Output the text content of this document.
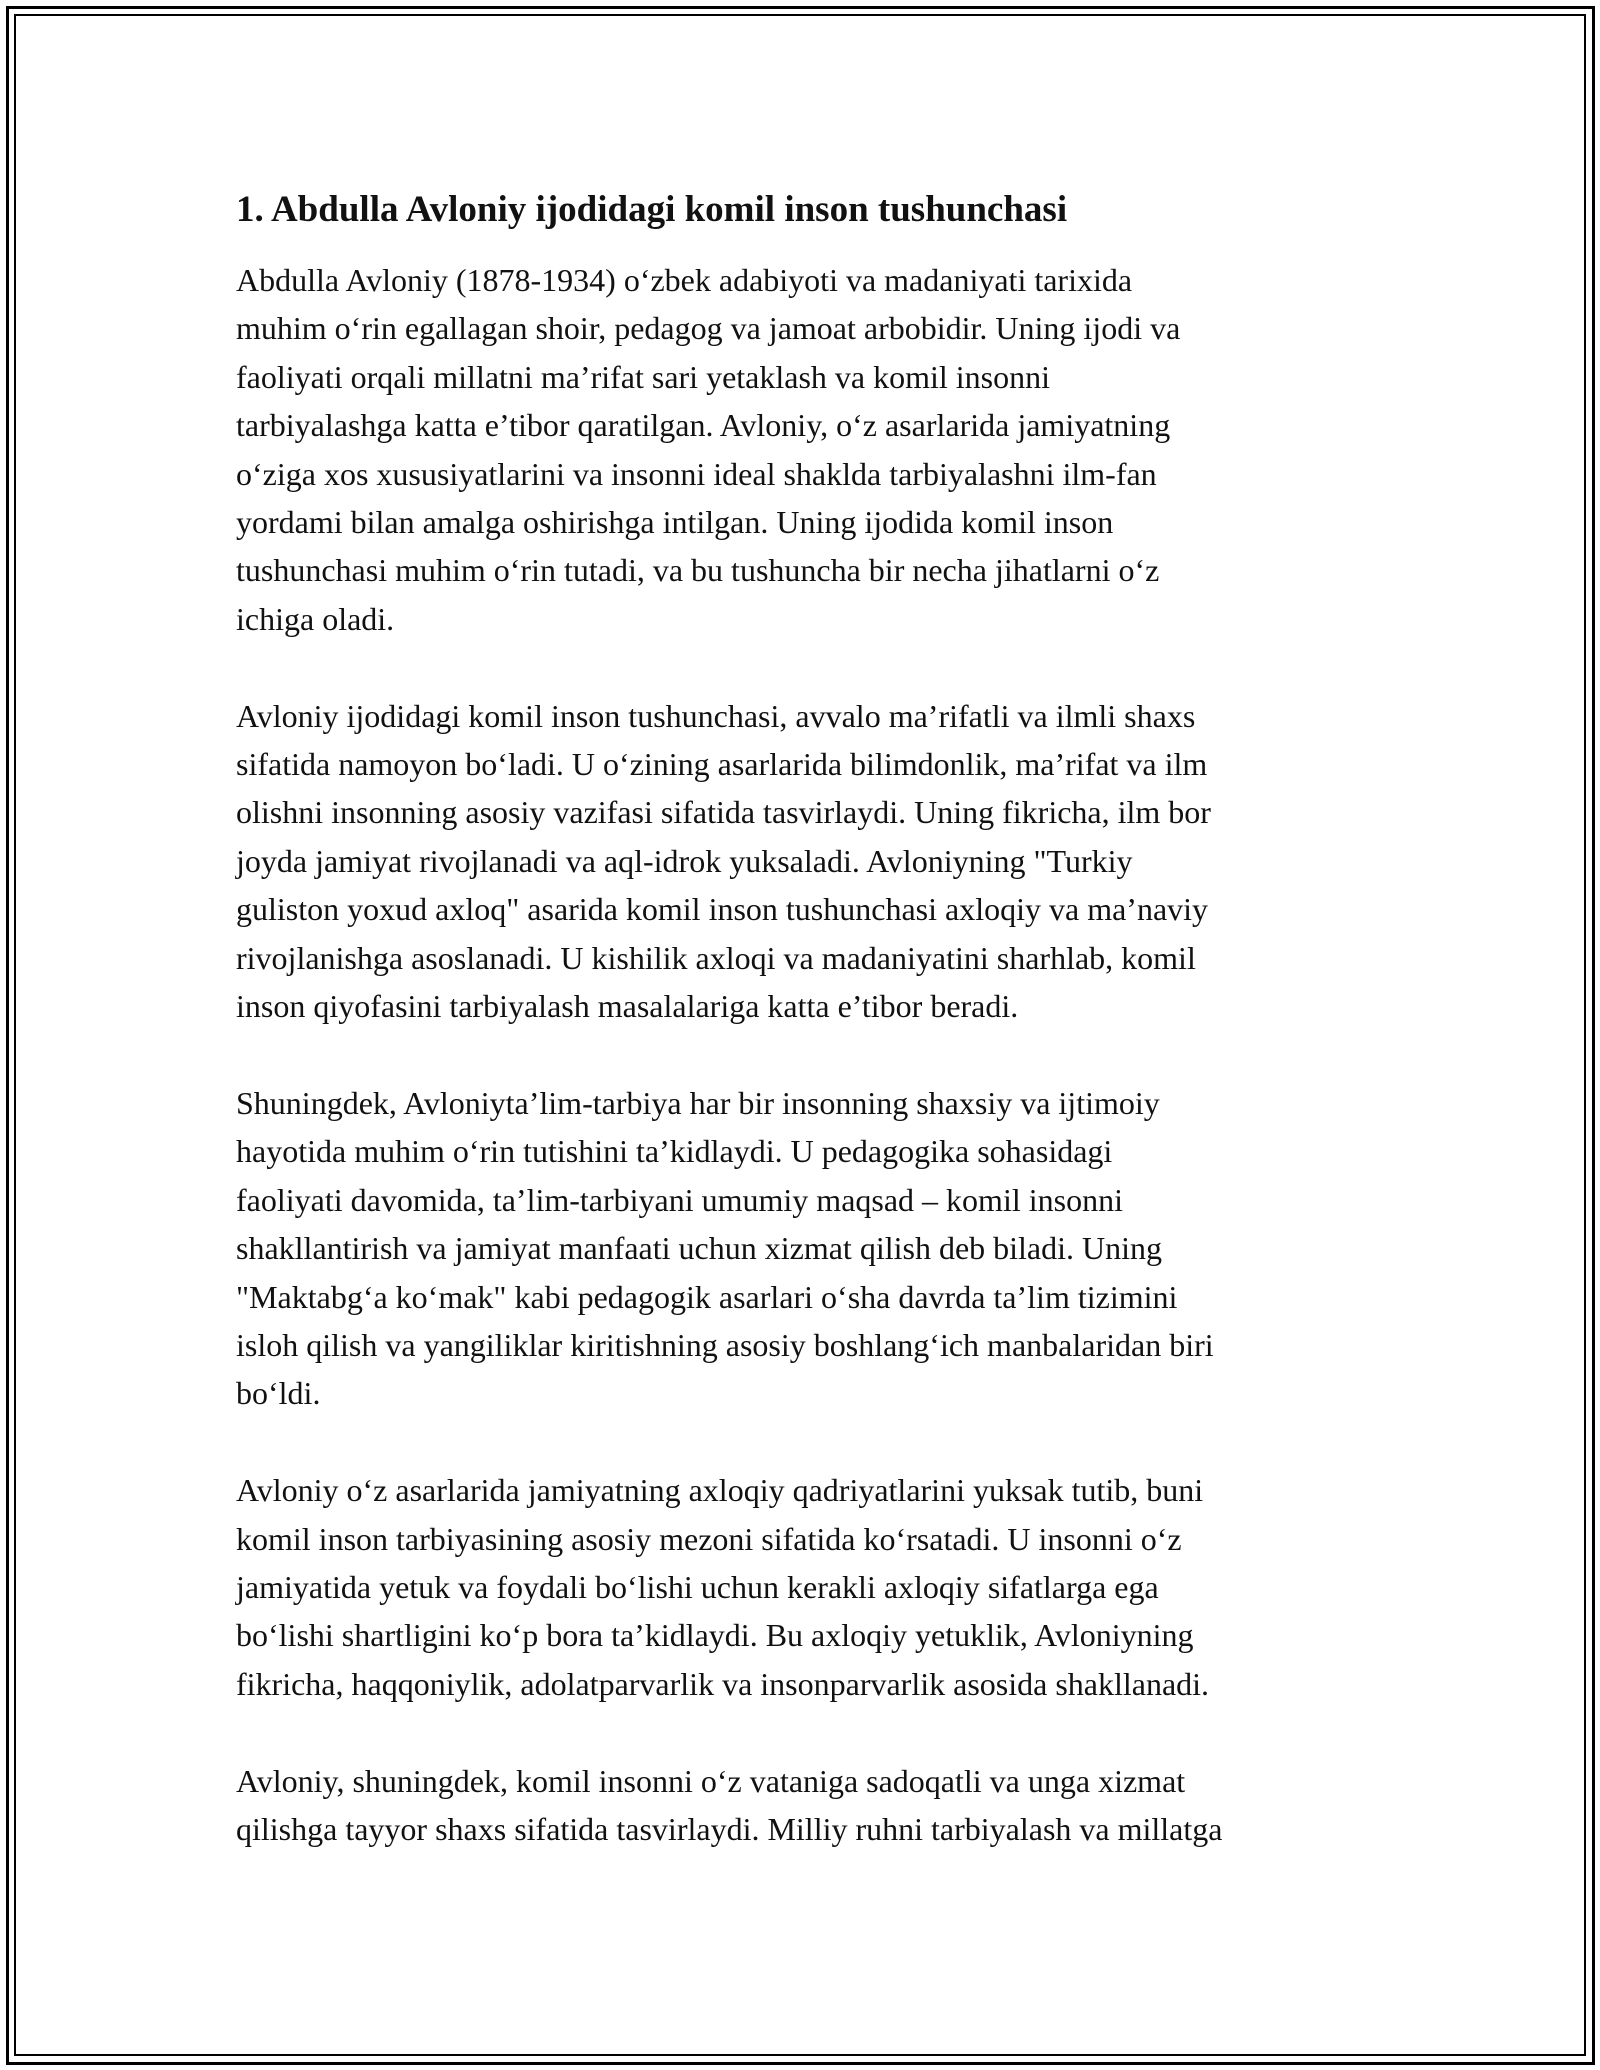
1. Abdulla Avloniy ijodidagi komil inson tushunchasi

Abdulla Avloniy (1878-1934) o‘zbek adabiyoti va madaniyati tarixida
muhim o‘rin egallagan shoir, pedagog va jamoat arbobidir. Uning ijodi va
faoliyati orqali millatni ma’rifat sari yetaklash va komil insonni
tarbiyalashga katta e’tibor qaratilgan. Avloniy, o‘z asarlarida jamiyatning
o‘ziga xos xususiyatlarini va insonni ideal shaklda tarbiyalashni ilm-fan
yordami bilan amalga oshirishga intilgan. Uning ijodida komil inson
tushunchasi muhim o‘rin tutadi, va bu tushuncha bir necha jihatlarni o‘z
ichiga oladi.

Avloniy ijodidagi komil inson tushunchasi, avvalo ma’rifatli va ilmli shaxs
sifatida namoyon bo‘ladi. U o‘zining asarlarida bilimdonlik, ma’rifat va ilm
olishni insonning asosiy vazifasi sifatida tasvirlaydi. Uning fikricha, ilm bor
joyda jamiyat rivojlanadi va aql-idrok yuksaladi. Avloniyning "Turkiy
guliston yoxud axloq" asarida komil inson tushunchasi axloqiy va ma’naviy
rivojlanishga asoslanadi. U kishilik axloqi va madaniyatini sharhlab, komil
inson qiyofasini tarbiyalash masalalariga katta e’tibor beradi.

Shuningdek, Avloniyta’lim-tarbiya har bir insonning shaxsiy va ijtimoiy
hayotida muhim o‘rin tutishini ta’kidlaydi. U pedagogika sohasidagi
faoliyati davomida, ta’lim-tarbiyani umumiy maqsad – komil insonni
shakllantirish va jamiyat manfaati uchun xizmat qilish deb biladi. Uning
"Maktabg‘a ko‘mak" kabi pedagogik asarlari o‘sha davrda ta’lim tizimini
isloh qilish va yangiliklar kiritishning asosiy boshlang‘ich manbalaridan biri
bo‘ldi.

Avloniy o‘z asarlarida jamiyatning axloqiy qadriyatlarini yuksak tutib, buni
komil inson tarbiyasining asosiy mezoni sifatida ko‘rsatadi. U insonni o‘z
jamiyatida yetuk va foydali bo‘lishi uchun kerakli axloqiy sifatlarga ega
bo‘lishi shartligini ko‘p bora ta’kidlaydi. Bu axloqiy yetuklik, Avloniyning
fikricha, haqqoniylik, adolatparvarlik va insonparvarlik asosida shakllanadi.

Avloniy, shuningdek, komil insonni o‘z vataniga sadoqatli va unga xizmat
qilishga tayyor shaxs sifatida tasvirlaydi. Milliy ruhni tarbiyalash va millatga
